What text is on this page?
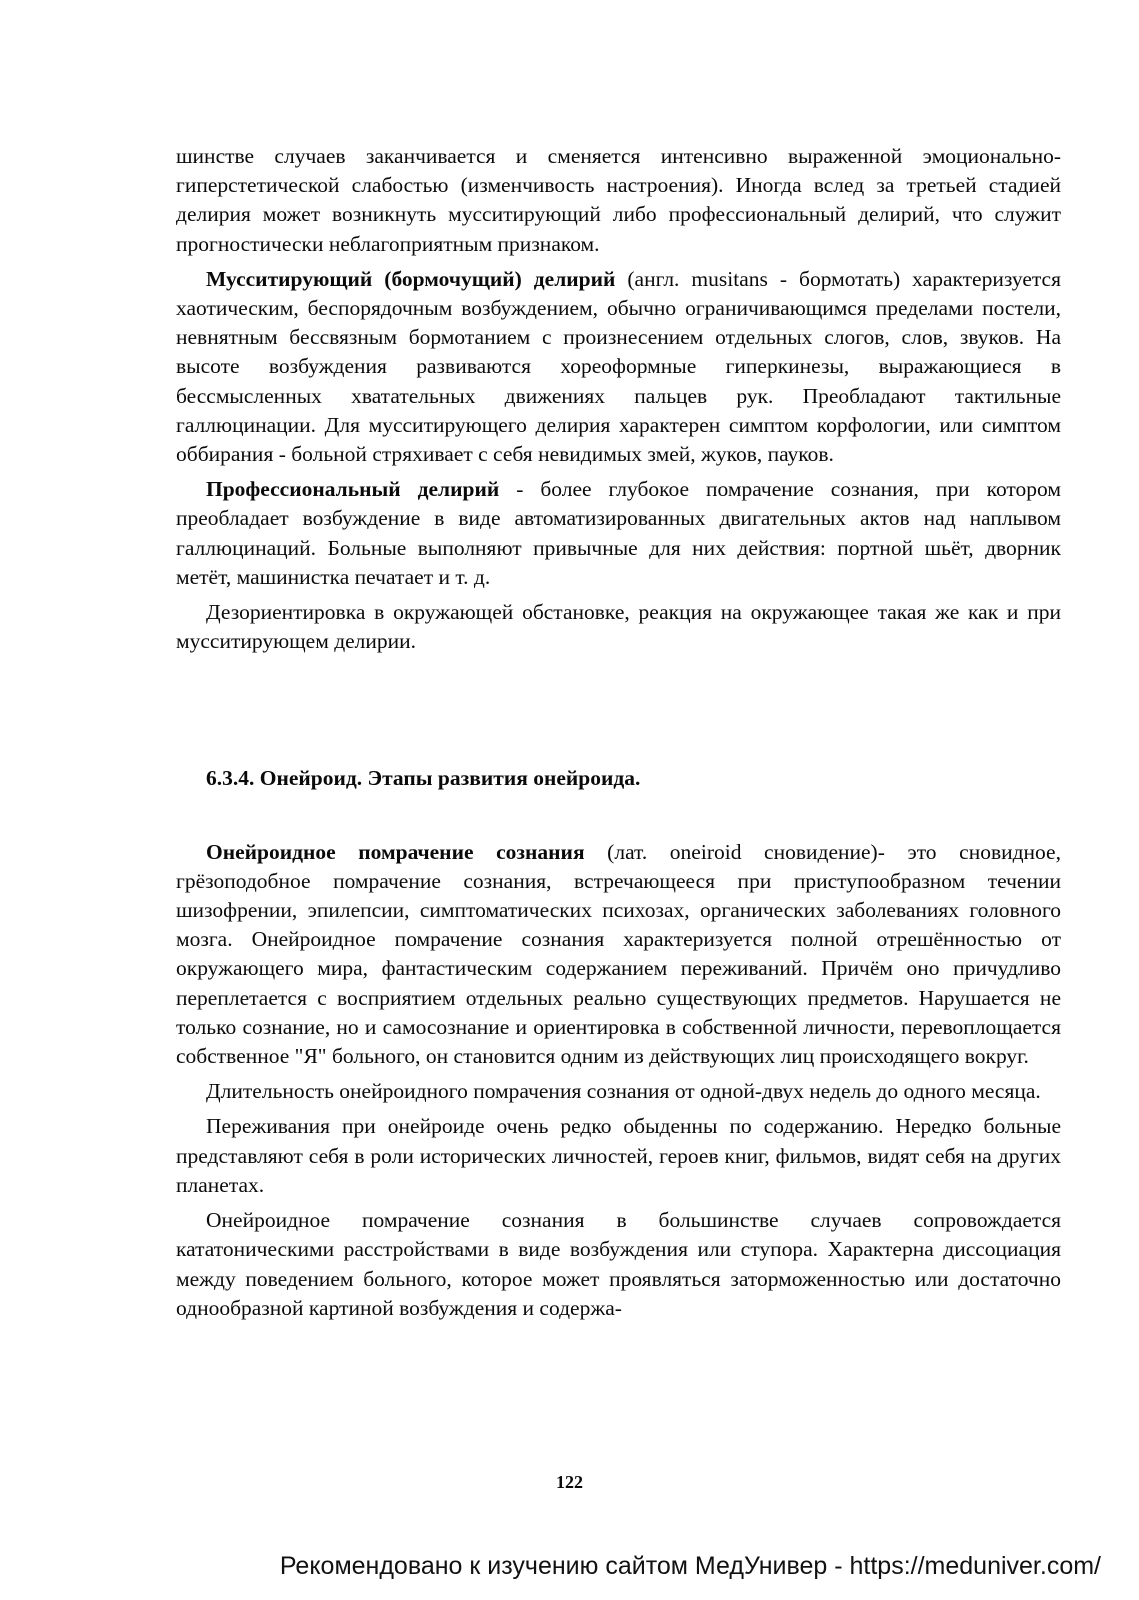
шинстве случаев заканчивается и сменяется интенсивно выраженной эмоционально-гиперстетической слабостью (изменчивость настроения). Иногда вслед за третьей стадией делирия может возникнуть мусситирующий либо профессиональный делирий, что служит прогностически неблагоприятным признаком.

Мусситирующий (бормочущий) делирий (англ. musitans - бормотать) характеризуется хаотическим, беспорядочным возбуждением, обычно ограничивающимся пределами постели, невнятным бессвязным бормотанием с произнесением отдельных слогов, слов, звуков. На высоте возбуждения развиваются хореоформные гиперкинезы, выражающиеся в бессмысленных хватательных движениях пальцев рук. Преобладают тактильные галлюцинации. Для мусситирующего делирия характерен симптом корфологии, или симптом оббирания - больной стряхивает с себя невидимых змей, жуков, пауков.

Профессиональный делирий - более глубокое помрачение сознания, при котором преобладает возбуждение в виде автоматизированных двигательных актов над наплывом галлюцинаций. Больные выполняют привычные для них действия: портной шьёт, дворник метёт, машинистка печатает и т. д.

Дезориентировка в окружающей обстановке, реакция на окружающее такая же как и при мусситирующем делирии.

6.3.4. Онейроид. Этапы развития онейроида.

Онейроидное помрачение сознания (лат. oneiroid сновидение)- это сновидное, грёзоподобное помрачение сознания, встречающееся при приступообразном течении шизофрении, эпилепсии, симптоматических психозах, органических заболеваниях головного мозга. Онейроидное помрачение сознания характеризуется полной отрешённостью от окружающего мира, фантастическим содержанием переживаний. Причём оно причудливо переплетается с восприятием отдельных реально существующих предметов. Нарушается не только сознание, но и самосознание и ориентировка в собственной личности, перевоплощается собственное "Я" больного, он становится одним из действующих лиц происходящего вокруг.

Длительность онейроидного помрачения сознания от одной-двух недель до одного месяца.

Переживания при онейроиде очень редко обыденны по содержанию. Нередко больные представляют себя в роли исторических личностей, героев книг, фильмов, видят себя на других планетах.

Онейроидное помрачение сознания в большинстве случаев сопровождается кататоническими расстройствами в виде возбуждения или ступора. Характерна диссоциация между поведением больного, которое может проявляться заторможенностью или достаточно однообразной картиной возбуждения и содержа-

122
Рекомендовано к изучению сайтом МедУнивер - https://meduniver.com/
